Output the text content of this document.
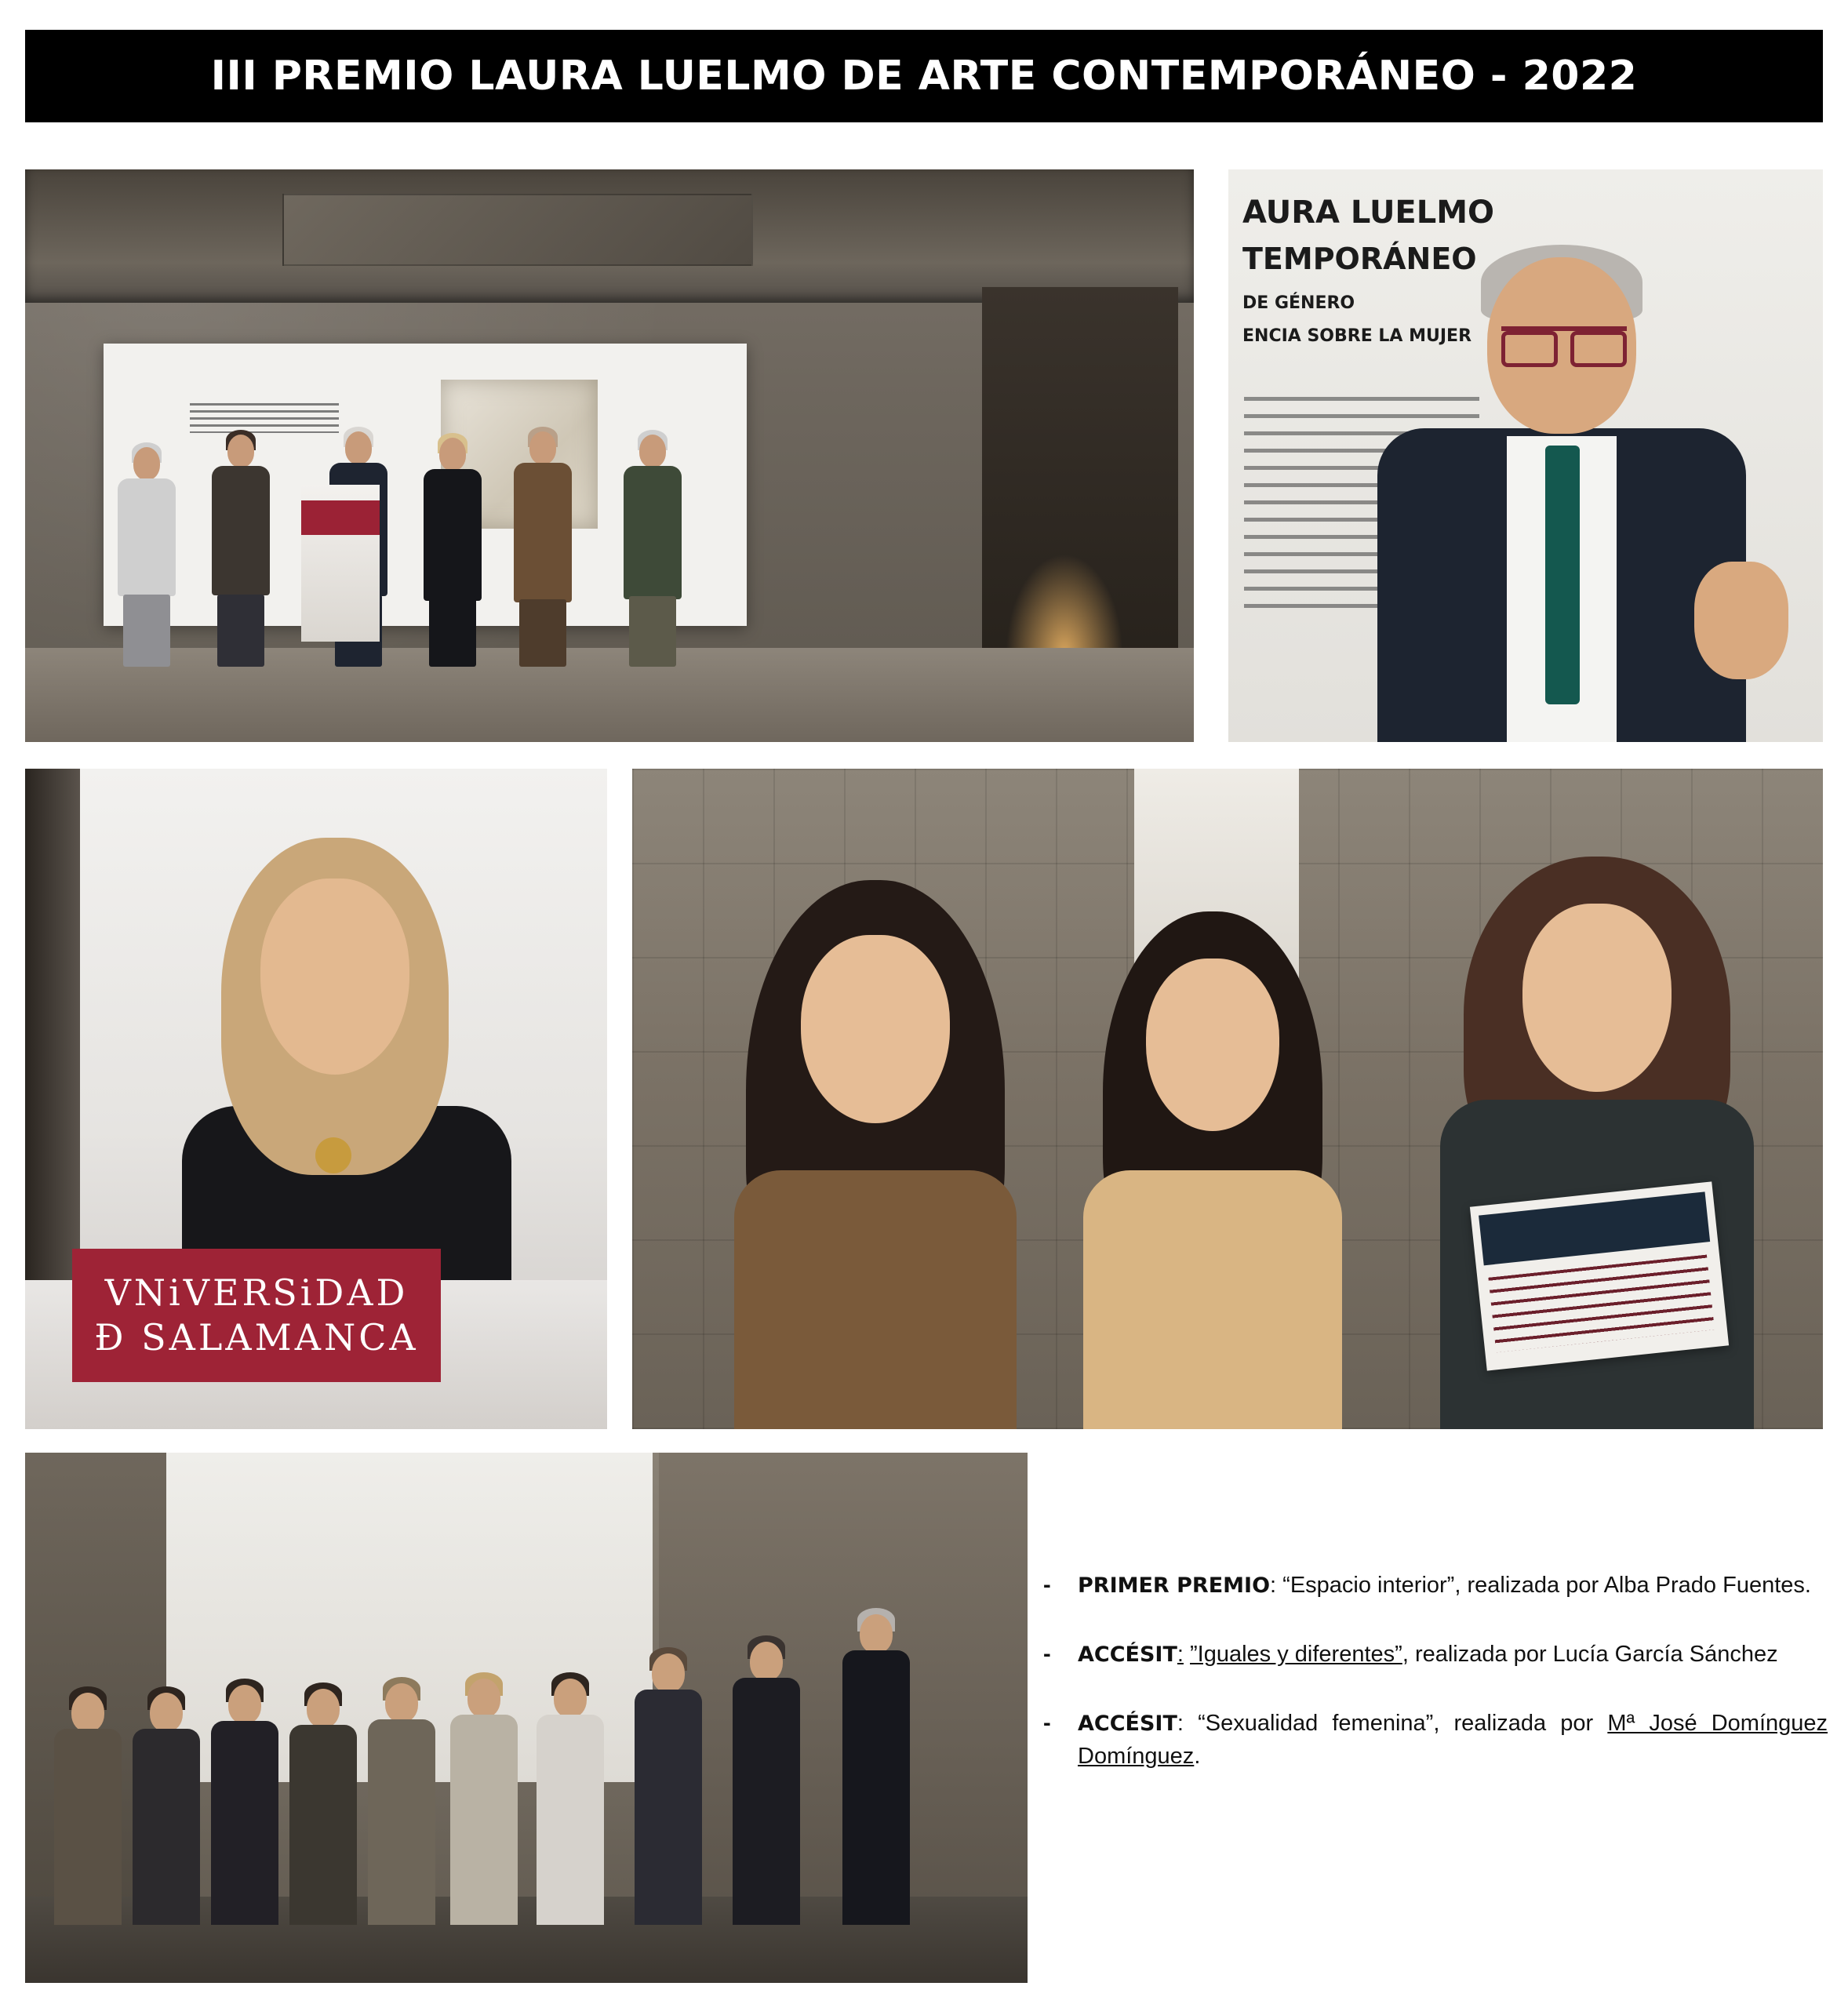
III PREMIO LAURA LUELMO DE ARTE CONTEMPORÁNEO - 2022
AURA LUELMO
TEMPORÁNEO
DE GÉNERO
ENCIA SOBRE LA MUJER
VNiVERSiDAD
Ð SALAMANCA
-	PRIMER PREMIO: “Espacio interior”, realizada por Alba Prado Fuentes.
-	ACCÉSIT: ”Iguales y diferentes”, realizada por Lucía García Sánchez
-	ACCÉSIT: “Sexualidad femenina”, realizada por Mª José Domínguez Domínguez.
